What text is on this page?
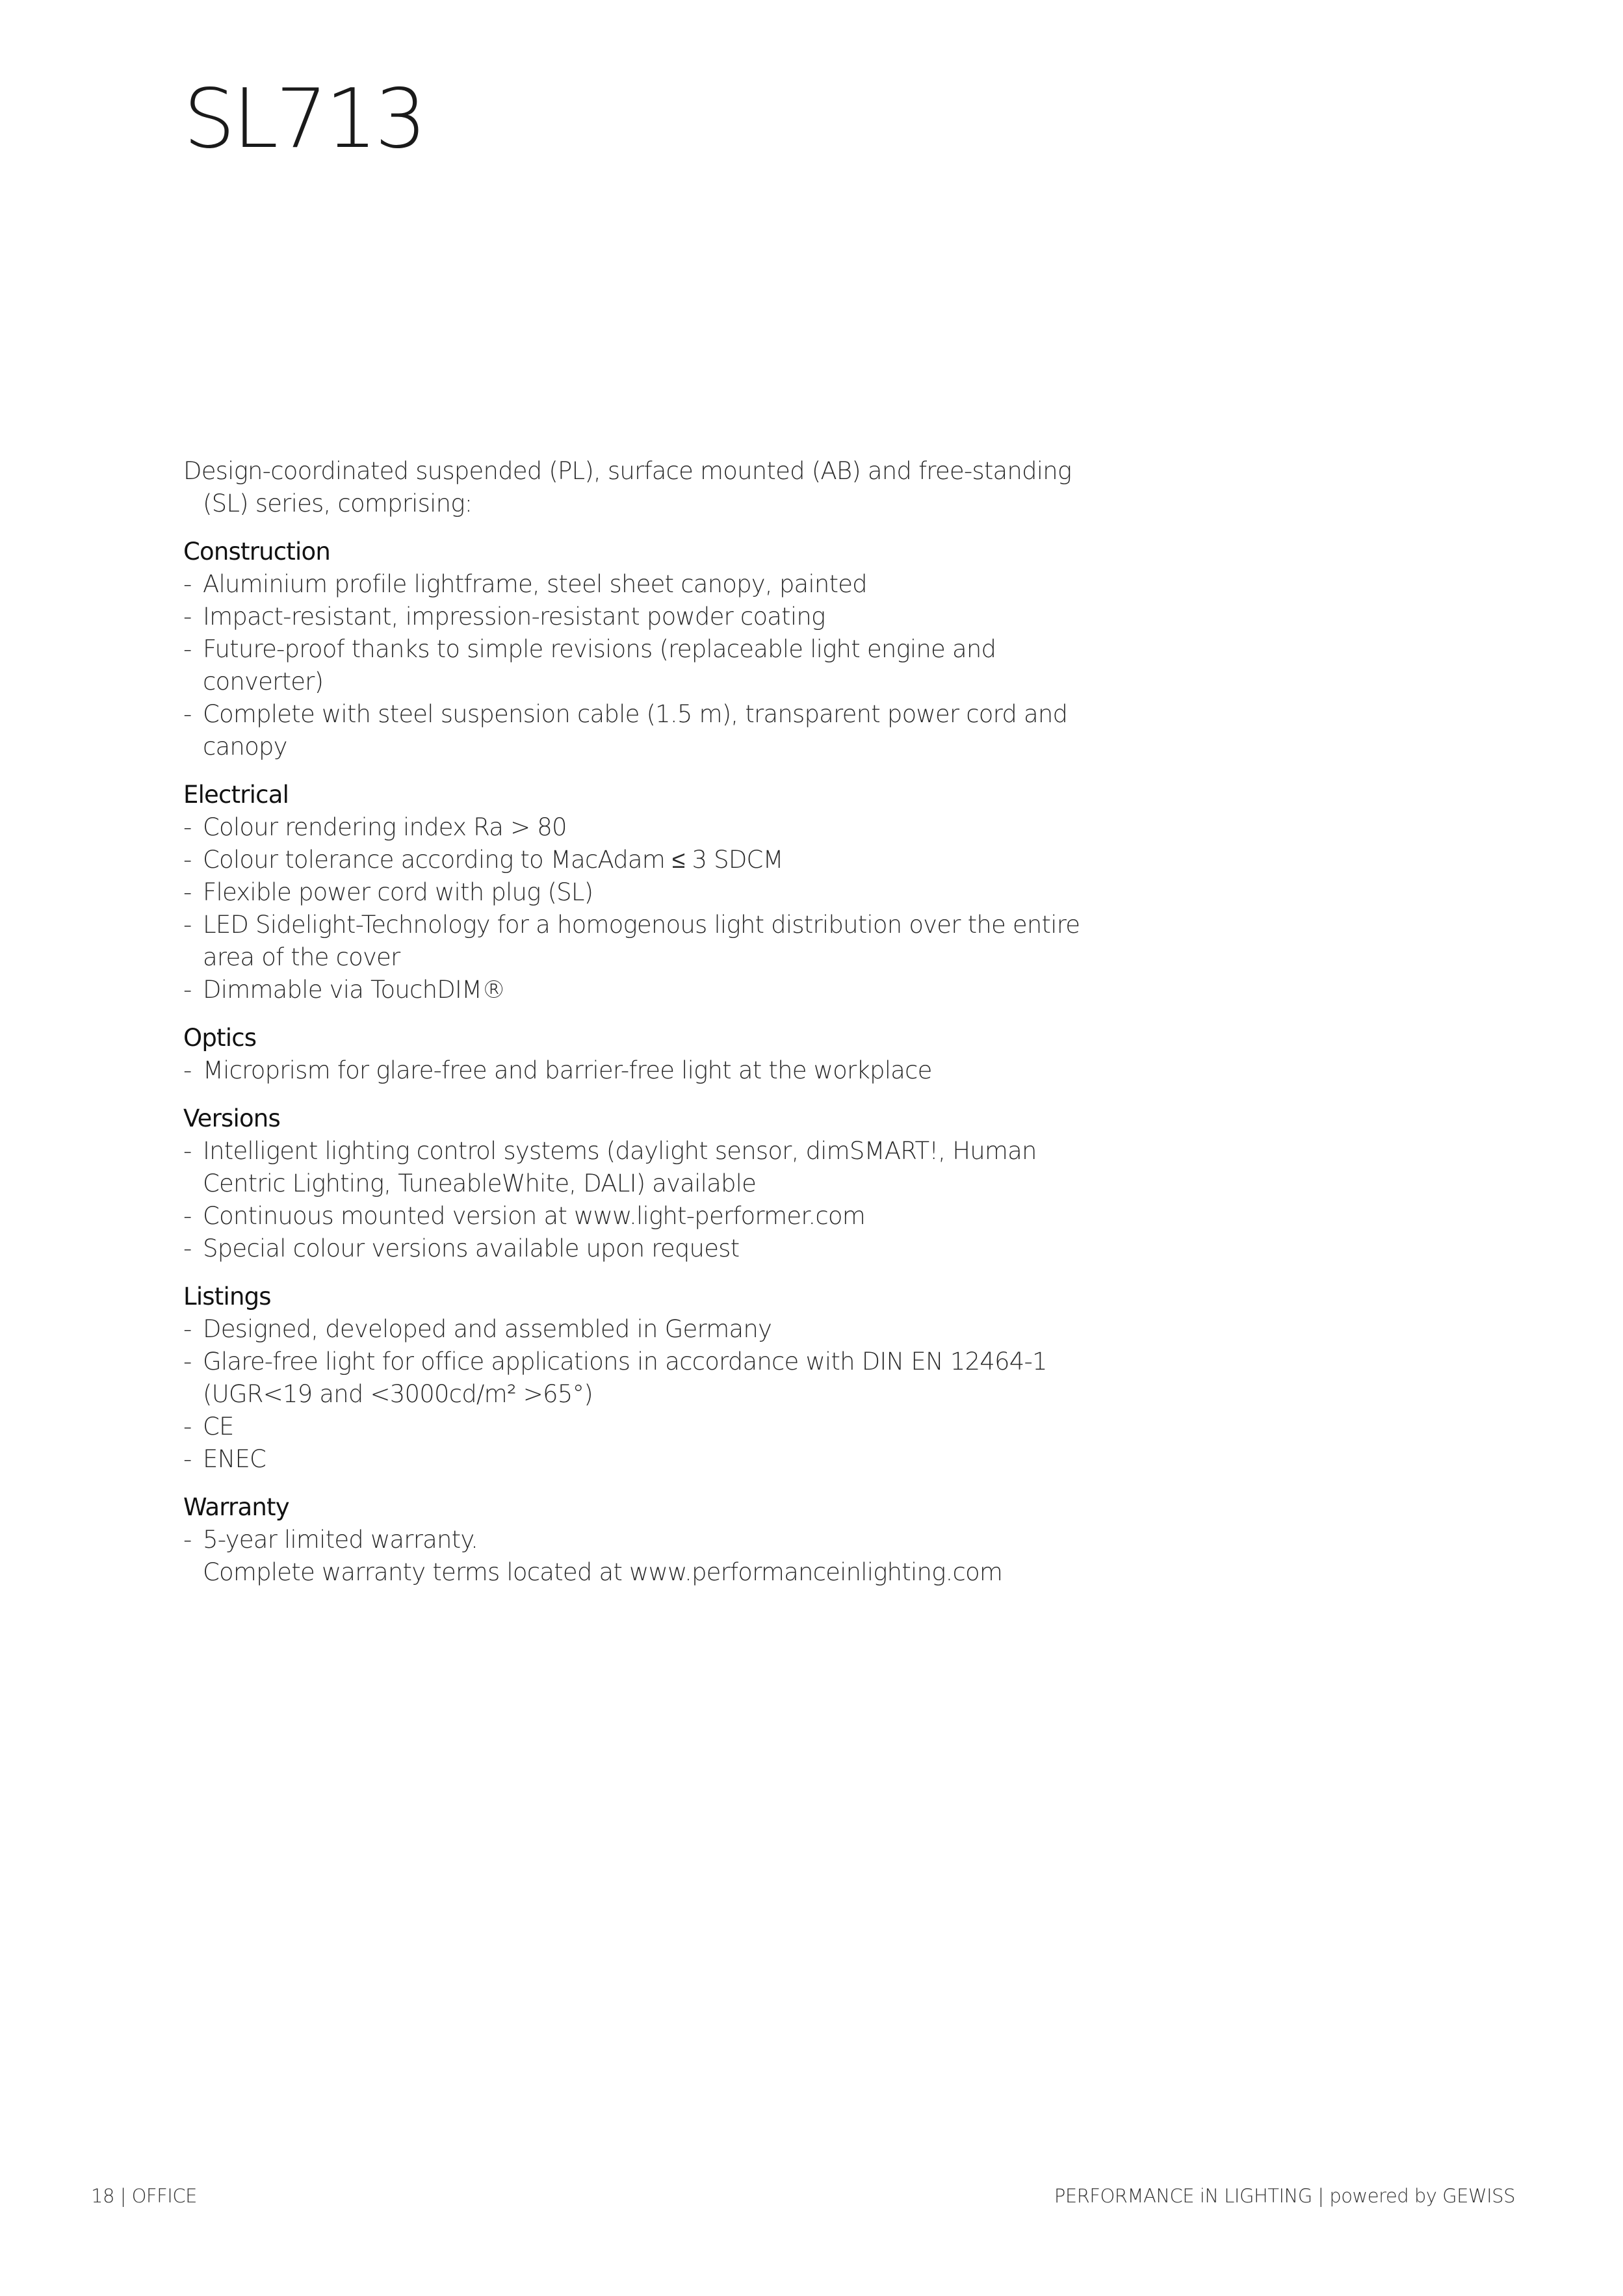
SL713

Design-coordinated suspended (PL), surface mounted (AB) and free-standing (SL) series, comprising:

Construction
- Aluminium profile lightframe, steel sheet canopy, painted
- Impact-resistant, impression-resistant powder coating
- Future-proof thanks to simple revisions (replaceable light engine and converter)
- Complete with steel suspension cable (1.5 m), transparent power cord and canopy
Electrical
- Colour rendering index Ra > 80
- Colour tolerance according to MacAdam ≤ 3 SDCM
- Flexible power cord with plug (SL)
- LED Sidelight-Technology for a homogenous light distribution over the entire area of the cover
- Dimmable via TouchDIM®
Optics
- Microprism for glare-free and barrier-free light at the workplace
Versions
- Intelligent lighting control systems (daylight sensor, dimSMART!, Human Centric Lighting, TuneableWhite, DALI) available
- Continuous mounted version at www.light-performer.com
- Special colour versions available upon request
Listings
- Designed, developed and assembled in Germany
- Glare-free light for office applications in accordance with DIN EN 12464-1 (UGR<19 and <3000cd/m² >65°)
- CE
- ENEC
Warranty
- 5-year limited warranty.
Complete warranty terms located at www.performanceinlighting.com
18 | OFFICE	PERFORMANCE iN LIGHTING | powered by GEWISS
